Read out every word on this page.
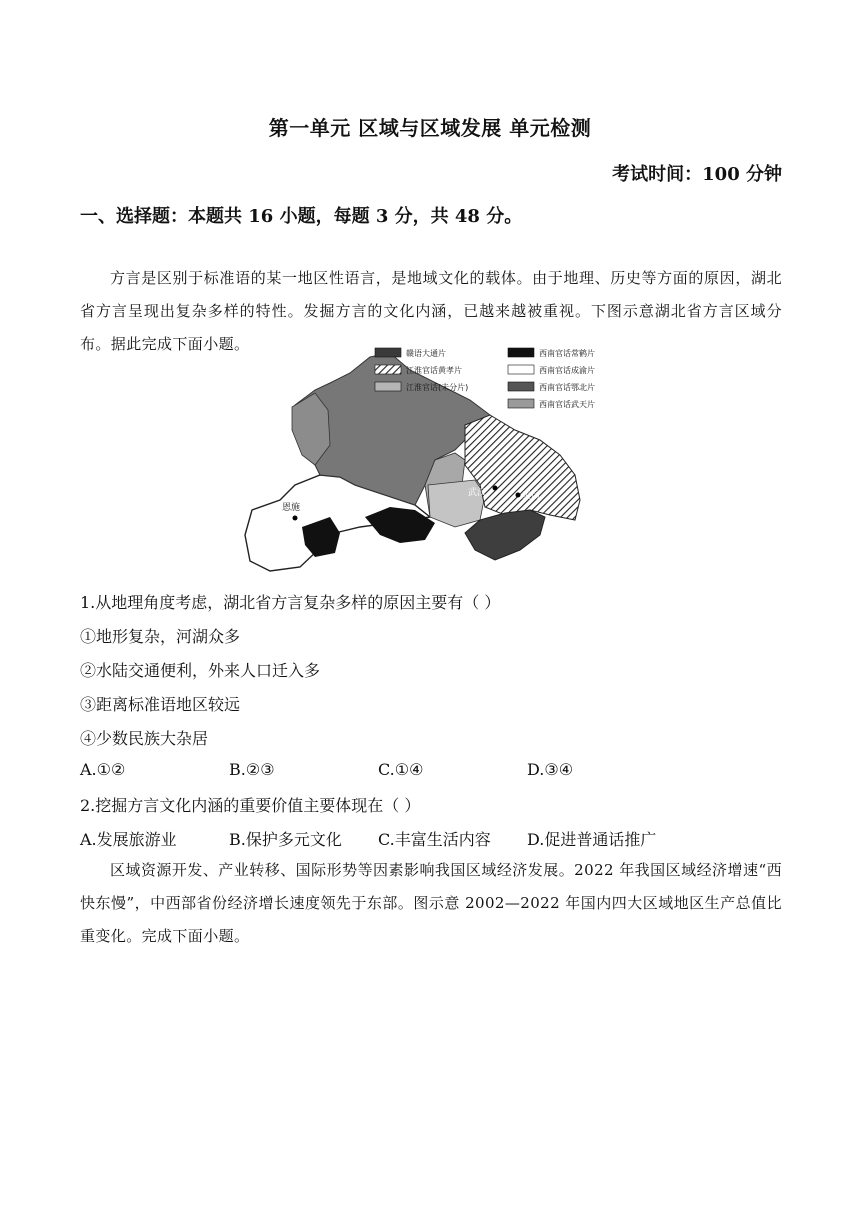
第一单元 区域与区域发展 单元检测
考试时间：100 分钟
一、选择题：本题共 16 小题，每题 3 分，共 48 分。
方言是区别于标准语的某一地区性语言，是地域文化的载体。由于地理、历史等方面的原因，湖北省方言呈现出复杂多样的特性。发掘方言的文化内涵，已越来越被重视。下图示意湖北省方言区域分布。据此完成下面小题。
恩施
武汉	黄冈
赣语大通片
江淮官话黄孝片
江淮官话(未分片)
西南官话常鹤片
西南官话成渝片
西南官话鄂北片
西南官话武天片
1.从地理角度考虑，湖北省方言复杂多样的原因主要有（ ）
①地形复杂，河湖众多
②水陆交通便利，外来人口迁入多
③距离标准语地区较远
④少数民族大杂居
A.①②	B.②③	C.①④	D.③④
2.挖掘方言文化内涵的重要价值主要体现在（ ）
A.发展旅游业	B.保护多元文化 C.丰富生活内容 D.促进普通话推广
区域资源开发、产业转移、国际形势等因素影响我国区域经济发展。2022 年我国区域经济增速“西快东慢”，中西部省份经济增长速度领先于东部。图示意 2002—2022 年国内四大区域地区生产总值比重变化。完成下面小题。
